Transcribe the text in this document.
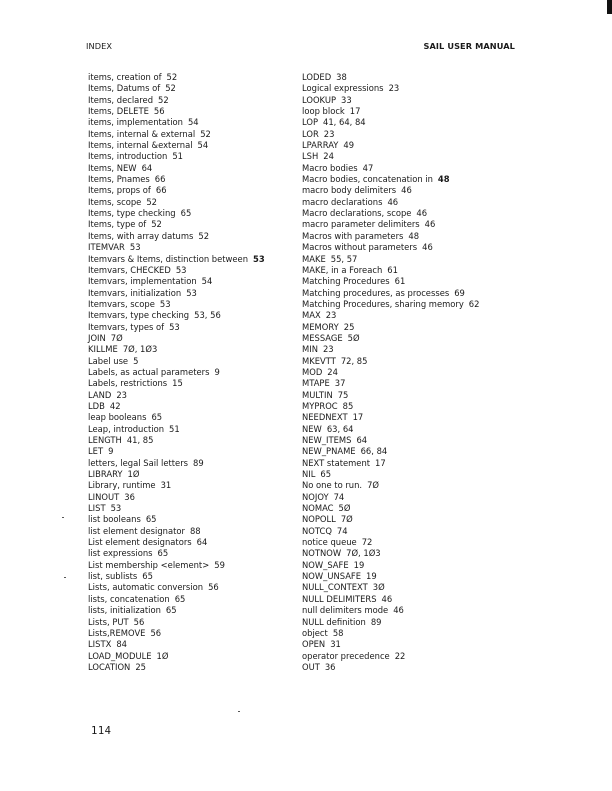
INDEX	SAIL USER MANUAL
items, creation of 52
Items, Datums of 52
Items, declared 52
Items, DELETE 56
items, implementation 54
Items, internal & external 52
Items, internal &external 54
Items, introduction 51
Items, NEW 64
Items, Pnames 66
Items, props of 66
Items, scope 52
Items, type checking 65
Items, type of 52
Items, with array datums 52
ITEMVAR 53
Itemvars & Items, distinction between 53
Itemvars, CHECKED 53
Itemvars, implementation 54
Itemvars, initialization 53
Itemvars, scope 53
Itemvars, type checking 53, 56
Itemvars, types of 53
JOIN 7Ø
KILLME 7Ø, 1Ø3
Label use 5
Labels, as actual parameters 9
Labels, restrictions 15
LAND 23
LDB 42
leap booleans 65
Leap, introduction 51
LENGTH 41, 85
LET 9
letters, legal Sail letters 89
LIBRARY 1Ø
Library, runtime 31
LINOUT 36
LIST 53
list booleans 65
list element designator 88
List element designators 64
list expressions 65
List membership <element> 59
list, sublists 65
Lists, automatic conversion 56
lists, concatenation 65
lists, initialization 65
Lists, PUT 56
Lists,REMOVE 56
LISTX 84
LOAD_MODULE 1Ø
LOCATION 25
LODED 38
Logical expressions 23
LOOKUP 33
loop block 17
LOP 41, 64, 84
LOR 23
LPARRAY 49
LSH 24
Macro bodies 47
Macro bodies, concatenation in 48
macro body delimiters 46
macro declarations 46
Macro declarations, scope 46
macro parameter delimiters 46
Macros with parameters 48
Macros without parameters 46
MAKE 55, 57
MAKE, in a Foreach 61
Matching Procedures 61
Matching procedures, as processes 69
Matching Procedures, sharing memory 62
MAX 23
MEMORY 25
MESSAGE 5Ø
MIN 23
MKEVTT 72, 85
MOD 24
MTAPE 37
MULTIN 75
MYPROC 85
NEEDNEXT 17
NEW 63, 64
NEW_ITEMS 64
NEW_PNAME 66, 84
NEXT statement 17
NIL 65
No one to run. 7Ø
NOJOY 74
NOMAC 5Ø
NOPOLL 7Ø
NOTCQ 74
notice queue 72
NOTNOW 7Ø, 1Ø3
NOW_SAFE 19
NOW_UNSAFE 19
NULL_CONTEXT 3Ø
NULL DELIMITERS 46
null delimiters mode 46
NULL definition 89
object 58
OPEN 31
operator precedence 22
OUT 36
114
